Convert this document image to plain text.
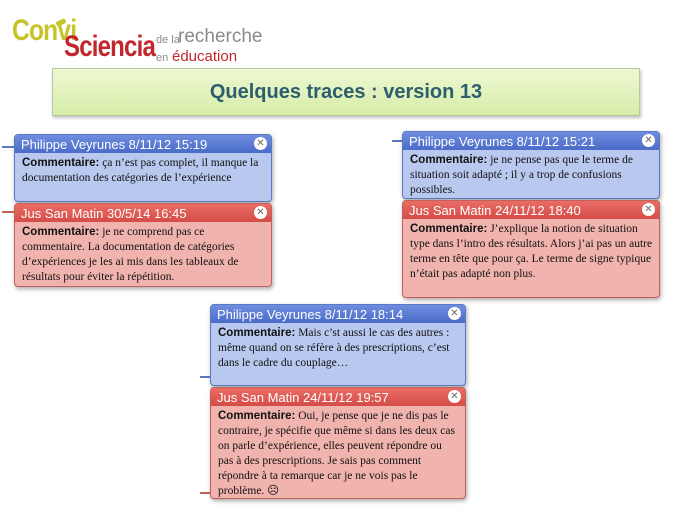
Convi
Sciencia de la
recherche
en éducation
Quelques traces : version 13
Philippe Veyrunes 8/11/12 15:19	✕
Commentaire: ça n’est pas complet, il manque la documentation des catégories de l’expérience
Jus San Matin 30/5/14 16:45	✕
Commentaire: je ne comprend pas ce commentaire. La documentation de catégories d’expériences je les ai mis dans les tableaux de résultats pour éviter la répétition.
Philippe Veyrunes 8/11/12 15:21	✕
Commentaire: je ne pense pas que le terme de situation soit adapté ; il y a trop de confusions possibles.
Jus San Matin 24/11/12 18:40	✕
Commentaire: J’explique la notion de situation type dans l’intro des résultats. Alors j’ai pas un autre terme en tête que pour ça. Le terme de signe typique n’était pas adapté non plus.
Philippe Veyrunes 8/11/12 18:14	✕
Commentaire: Mais c’st aussi le cas des autres : même quand on se réfère à des prescriptions, c’est dans le cadre du couplage…
Jus San Matin 24/11/12 19:57	✕
Commentaire: Oui, je pense que je ne dis pas le contraire, je spécifie que même si dans les deux cas on parle d’expérience, elles peuvent répondre ou pas à des prescriptions. Je sais pas comment répondre à ta remarque car je ne vois pas le problème. ☹
